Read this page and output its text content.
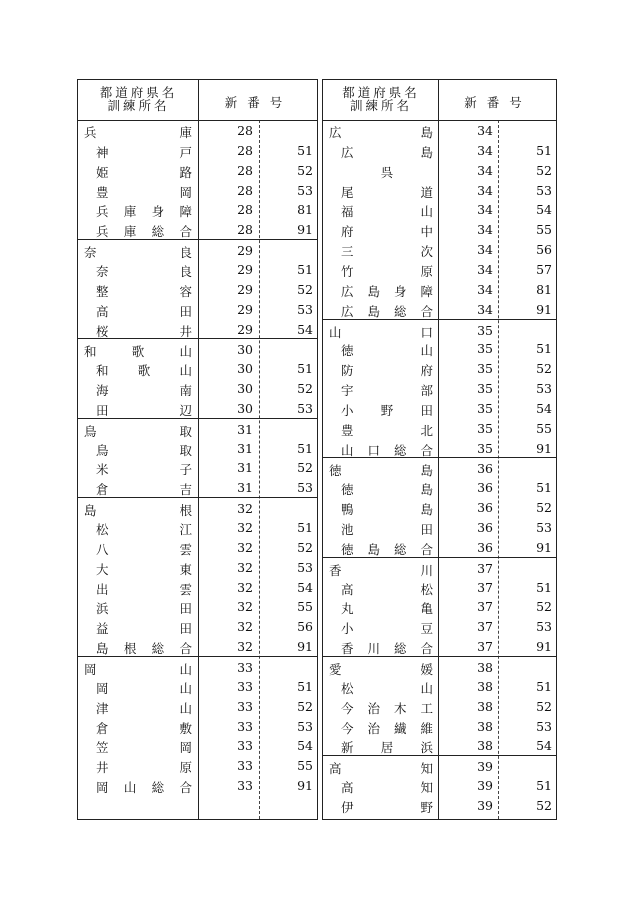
都道府県名
訓練所名	新番号
兵	庫	28
神	戸	28	51
姫	路	28	52
豊	岡	28	53
兵 庫 身 障	28	81
兵 庫 総 合	28	91
奈	良	29
奈	良	29	51
整	容	29	52
高	田	29	53
桜	井	29	54
和	歌	山	30
和 歌 山	30	51
海	南	30	52
田	辺	30	53
鳥	取	31
鳥	取	31	51
米	子	31	52
倉	吉	31	53
島	根	32
松	江	32	51
八	雲	32	52
大	東	32	53
出	雲	32	54
浜	田	32	55
益	田	32	56
島 根 総 合	32	91
岡	山	33
岡	山	33	51
津	山	33	52
倉	敷	33	53
笠	岡	33	54
井	原	33	55
岡 山 総 合	33	91
都道府県名
訓練所名	新番号
広	島	34
広	島	34	51
呉	34	52
尾	道	34	53
福	山	34	54
府	中	34	55
三	次	34	56
竹	原	34	57
広 島 身 障	34	81
広 島 総 合	34	91
山	口	35
徳	山	35	51
防	府	35	52
宇	部	35	53
小 野 田	35	54
豊	北	35	55
山 口 総 合	35	91
徳	島	36
徳	島	36	51
鴨	島	36	52
池	田	36	53
徳 島 総 合	36	91
香	川	37
高	松	37	51
丸	亀	37	52
小	豆	37	53
香 川 総 合	37	91
愛	媛	38
松	山	38	51
今 治 木 工	38	52
今 治 繊 維	38	53
新 居 浜	38	54
高	知	39
高	知	39	51
伊	野	39	52
